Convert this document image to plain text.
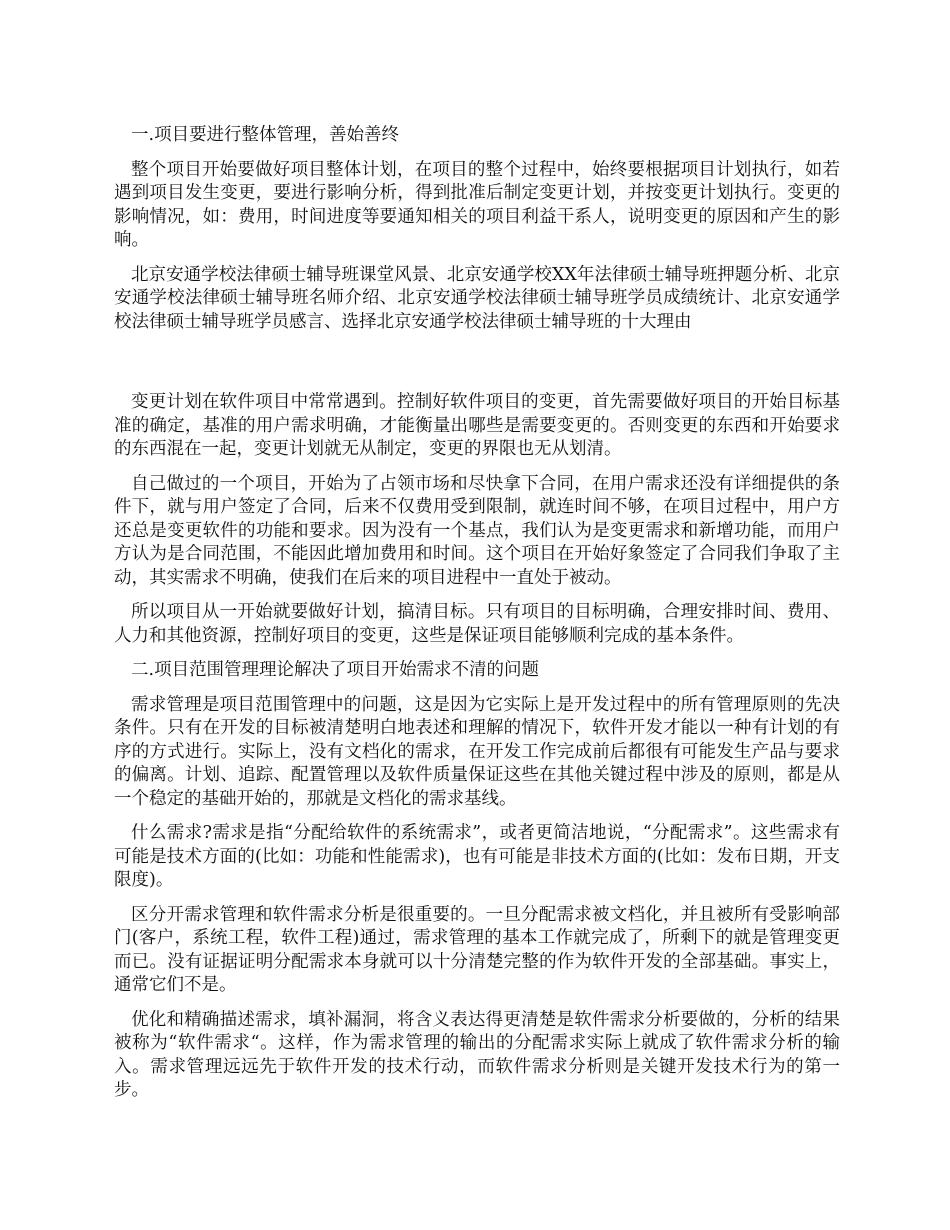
一.项目要进行整体管理，善始善终

整个项目开始要做好项目整体计划，在项目的整个过程中，始终要根据项目计划执行，如若遇到项目发生变更，要进行影响分析，得到批准后制定变更计划，并按变更计划执行。变更的影响情况，如：费用，时间进度等要通知相关的项目利益干系人，说明变更的原因和产生的影响。

北京安通学校法律硕士辅导班课堂风景、北京安通学校XX年法律硕士辅导班押题分析、北京安通学校法律硕士辅导班名师介绍、北京安通学校法律硕士辅导班学员成绩统计、北京安通学校法律硕士辅导班学员感言、选择北京安通学校法律硕士辅导班的十大理由

变更计划在软件项目中常常遇到。控制好软件项目的变更，首先需要做好项目的开始目标基准的确定，基准的用户需求明确，才能衡量出哪些是需要变更的。否则变更的东西和开始要求的东西混在一起，变更计划就无从制定，变更的界限也无从划清。

自己做过的一个项目，开始为了占领市场和尽快拿下合同，在用户需求还没有详细提供的条件下，就与用户签定了合同，后来不仅费用受到限制，就连时间不够，在项目过程中，用户方还总是变更软件的功能和要求。因为没有一个基点，我们认为是变更需求和新增功能，而用户方认为是合同范围，不能因此增加费用和时间。这个项目在开始好象签定了合同我们争取了主动，其实需求不明确，使我们在后来的项目进程中一直处于被动。

所以项目从一开始就要做好计划，搞清目标。只有项目的目标明确，合理安排时间、费用、人力和其他资源，控制好项目的变更，这些是保证项目能够顺利完成的基本条件。

二.项目范围管理理论解决了项目开始需求不清的问题

需求管理是项目范围管理中的问题，这是因为它实际上是开发过程中的所有管理原则的先决条件。只有在开发的目标被清楚明白地表述和理解的情况下，软件开发才能以一种有计划的有序的方式进行。实际上，没有文档化的需求，在开发工作完成前后都很有可能发生产品与要求的偏离。计划、追踪、配置管理以及软件质量保证这些在其他关键过程中涉及的原则，都是从一个稳定的基础开始的，那就是文档化的需求基线。

什么需求?需求是指“分配给软件的系统需求”，或者更简洁地说，“分配需求”。这些需求有可能是技术方面的(比如：功能和性能需求)，也有可能是非技术方面的(比如：发布日期，开支限度)。

区分开需求管理和软件需求分析是很重要的。一旦分配需求被文档化，并且被所有受影响部门(客户，系统工程，软件工程)通过，需求管理的基本工作就完成了，所剩下的就是管理变更而已。没有证据证明分配需求本身就可以十分清楚完整的作为软件开发的全部基础。事实上，通常它们不是。

优化和精确描述需求，填补漏洞，将含义表达得更清楚是软件需求分析要做的，分析的结果被称为“软件需求“。这样，作为需求管理的输出的分配需求实际上就成了软件需求分析的输入。需求管理远远先于软件开发的技术行动，而软件需求分析则是关键开发技术行为的第一步。
